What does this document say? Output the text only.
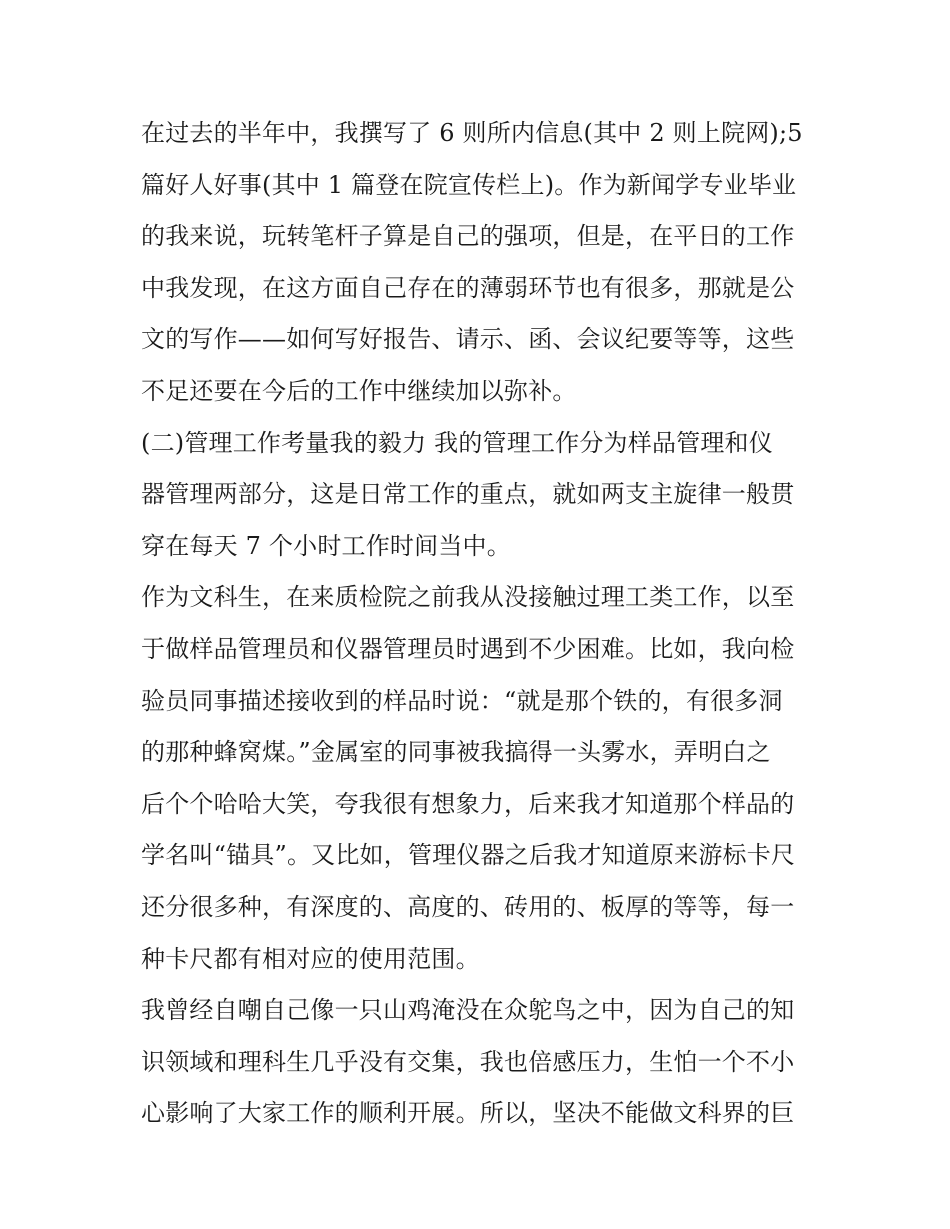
在过去的半年中，我撰写了 6 则所内信息(其中 2 则上院网);5
篇好人好事(其中 1 篇登在院宣传栏上)。作为新闻学专业毕业
的我来说，玩转笔杆子算是自己的强项，但是，在平日的工作
中我发现，在这方面自己存在的薄弱环节也有很多，那就是公
文的写作——如何写好报告、请示、函、会议纪要等等，这些
不足还要在今后的工作中继续加以弥补。
(二)管理工作考量我的毅力 我的管理工作分为样品管理和仪
器管理两部分，这是日常工作的重点，就如两支主旋律一般贯
穿在每天 7 个小时工作时间当中。
作为文科生，在来质检院之前我从没接触过理工类工作，以至
于做样品管理员和仪器管理员时遇到不少困难。比如，我向检
验员同事描述接收到的样品时说：“就是那个铁的，有很多洞
的那种蜂窝煤。”金属室的同事被我搞得一头雾水，弄明白之
后个个哈哈大笑，夸我很有想象力，后来我才知道那个样品的
学名叫“锚具”。又比如，管理仪器之后我才知道原来游标卡尺
还分很多种，有深度的、高度的、砖用的、板厚的等等，每一
种卡尺都有相对应的使用范围。
我曾经自嘲自己像一只山鸡淹没在众鸵鸟之中，因为自己的知
识领域和理科生几乎没有交集，我也倍感压力，生怕一个不小
心影响了大家工作的顺利开展。所以，坚决不能做文科界的巨
